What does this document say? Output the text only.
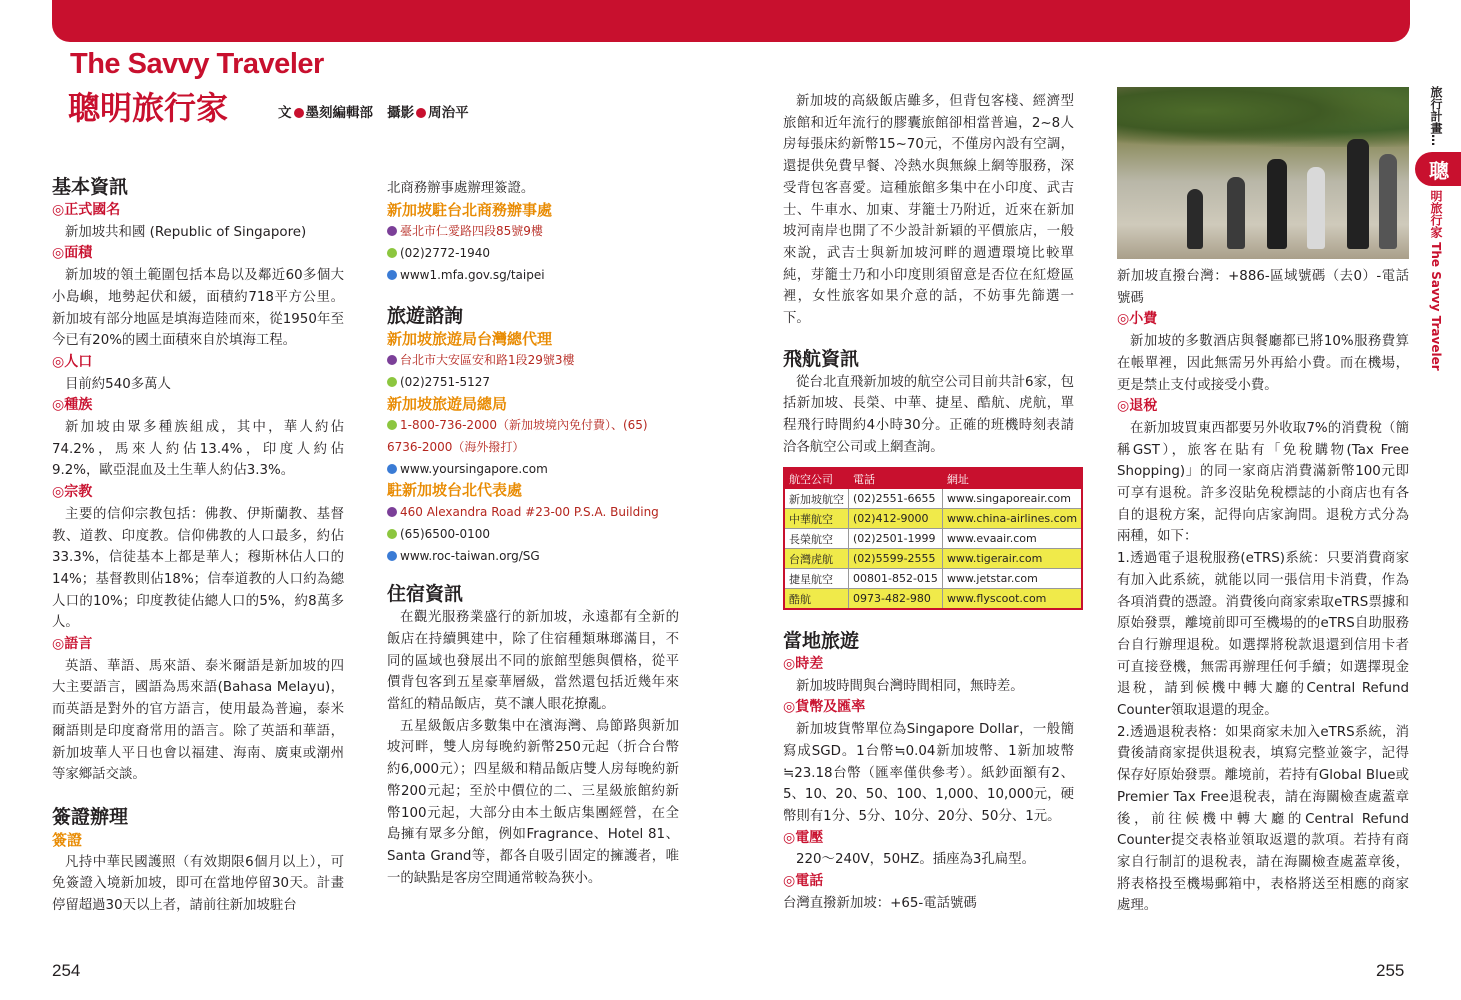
The Savvy Traveler
聰明旅行家	文 墨刻編輯部 攝影 周治平
基本資訊

◎正式國名

新加坡共和國 (Republic of Singapore)

◎面積

新加坡的領土範圍包括本島以及鄰近60多個大小島嶼，地勢起伏和緩，面積約718平方公里。新加坡有部分地區是填海造陸而來，從1950年至今已有20%的國土面積來自於填海工程。

◎人口

目前約540多萬人

◎種族

新加坡由眾多種族組成，其中，華人約佔74.2%，馬來人約佔13.4%，印度人約佔9.2%，歐亞混血及土生華人約佔3.3%。

◎宗教

主要的信仰宗教包括：佛教、伊斯蘭教、基督教、道教、印度教。信仰佛教的人口最多，約佔33.3%，信徒基本上都是華人；穆斯林佔人口的14%；基督教則佔18%；信奉道教的人口約為總人口的10%；印度教徒佔總人口的5%，約8萬多人。

◎語言

英語、華語、馬來語、泰米爾語是新加坡的四大主要語言，國語為馬來語(Bahasa Melayu)，而英語是對外的官方語言，使用最為普遍，泰米爾語則是印度裔常用的語言。除了英語和華語，新加坡華人平日也會以福建、海南、廣東或潮州等家鄉話交談。

簽證辦理

簽證

凡持中華民國護照（有效期限6個月以上），可免簽證入境新加坡，即可在當地停留30天。計畫停留超過30天以上者，請前往新加坡駐台

北商務辦事處辦理簽證。

新加坡駐台北商務辦事處

臺北市仁愛路四段85號9樓

(02)2772-1940

www1.mfa.gov.sg/taipei

旅遊諮詢

新加坡旅遊局台灣總代理

台北市大安區安和路1段29號3樓

(02)2751-5127

新加坡旅遊局總局

1-800-736-2000（新加坡境內免付費）、(65) 6736-2000（海外撥打）

www.yoursingapore.com

駐新加坡台北代表處

460 Alexandra Road #23-00 P.S.A. Building

(65)6500-0100

www.roc-taiwan.org/SG

住宿資訊

在觀光服務業盛行的新加坡，永遠都有全新的飯店在持續興建中，除了住宿種類琳瑯滿目，不同的區域也發展出不同的旅館型態與價格，從平價背包客到五星豪華層級，當然還包括近幾年來當紅的精品飯店，莫不讓人眼花撩亂。

五星級飯店多數集中在濱海灣、烏節路與新加坡河畔，雙人房每晚約新幣250元起（折合台幣約6,000元）；四星級和精品飯店雙人房每晚約新幣200元起；至於中價位的二、三星級旅館約新幣100元起，大部分由本土飯店集團經營，在全島擁有眾多分館，例如Fragrance、Hotel 81、Santa Grand等，都各自吸引固定的擁護者，唯一的缺點是客房空間通常較為狹小。

新加坡的高級飯店雖多，但背包客棧、經濟型旅館和近年流行的膠囊旅館卻相當普遍，2~8人房每張床約新幣15~70元，不僅房內設有空調，還提供免費早餐、冷熱水與無線上網等服務，深受背包客喜愛。這種旅館多集中在小印度、武吉士、牛車水、加東、芽籠士乃附近，近來在新加坡河南岸也開了不少設計新穎的平價旅店，一般來說，武吉士與新加坡河畔的週遭環境比較單純，芽籠士乃和小印度則須留意是否位在紅燈區裡，女性旅客如果介意的話，不妨事先篩選一下。

飛航資訊

從台北直飛新加坡的航空公司目前共計6家，包括新加坡、長榮、中華、捷星、酷航、虎航，單程飛行時間約4小時30分。正確的班機時刻表請洽各航空公司或上網查詢。

航空公司	電話	網址
新加坡航空	(02)2551-6655	www.singaporeair.com
中華航空	(02)412-9000	www.china-airlines.com
長榮航空	(02)2501-1999	www.evaair.com
台灣虎航	(02)5599-2555	www.tigerair.com
捷星航空	00801-852-015	www.jetstar.com
酷航	0973-482-980	www.flyscoot.com
當地旅遊

◎時差

新加坡時間與台灣時間相同，無時差。

◎貨幣及匯率

新加坡貨幣單位為Singapore Dollar，一般簡寫成SGD。1台幣≒0.04新加坡幣、1新加坡幣≒23.18台幣（匯率僅供參考）。紙鈔面額有2、5、10、20、50、100、1,000、10,000元，硬幣則有1分、5分、10分、20分、50分、1元。

◎電壓

220～240V，50HZ。插座為3孔扁型。

◎電話

台灣直撥新加坡：+65-電話號碼

新加坡直撥台灣：+886-區域號碼（去0）-電話號碼

◎小費

新加坡的多數酒店與餐廳都已將10%服務費算在帳單裡，因此無需另外再給小費。而在機場，更是禁止支付或接受小費。

◎退稅

在新加坡買東西都要另外收取7%的消費稅（簡稱GST），旅客在貼有「免稅購物(Tax Free Shopping)」的同一家商店消費滿新幣100元即可享有退稅。許多沒貼免稅標誌的小商店也有各自的退稅方案，記得向店家詢問。退稅方式分為兩種，如下：

1.透過電子退稅服務(eTRS)系統：只要消費商家有加入此系統，就能以同一張信用卡消費，作為各項消費的憑證。消費後向商家索取eTRS票據和原始發票，離境前即可至機場的的eTRS自助服務台自行辦理退稅。如選擇將稅款退還到信用卡者可直接登機，無需再辦理任何手續；如選擇現金退稅，請到候機中轉大廳的Central Refund Counter領取退還的現金。

2.透過退稅表格：如果商家未加入eTRS系統，消費後請商家提供退稅表，填寫完整並簽字，記得保存好原始發票。離境前，若持有Global Blue或Premier Tax Free退稅表，請在海關檢查處蓋章後，前往候機中轉大廳的Central Refund Counter提交表格並領取返還的款項。若持有商家自行制訂的退稅表，請在海關檢查處蓋章後，將表格投至機場郵箱中，表格將送至相應的商家處理。

旅行計畫…
聰
明旅行家 The Savvy Traveler
254	255
